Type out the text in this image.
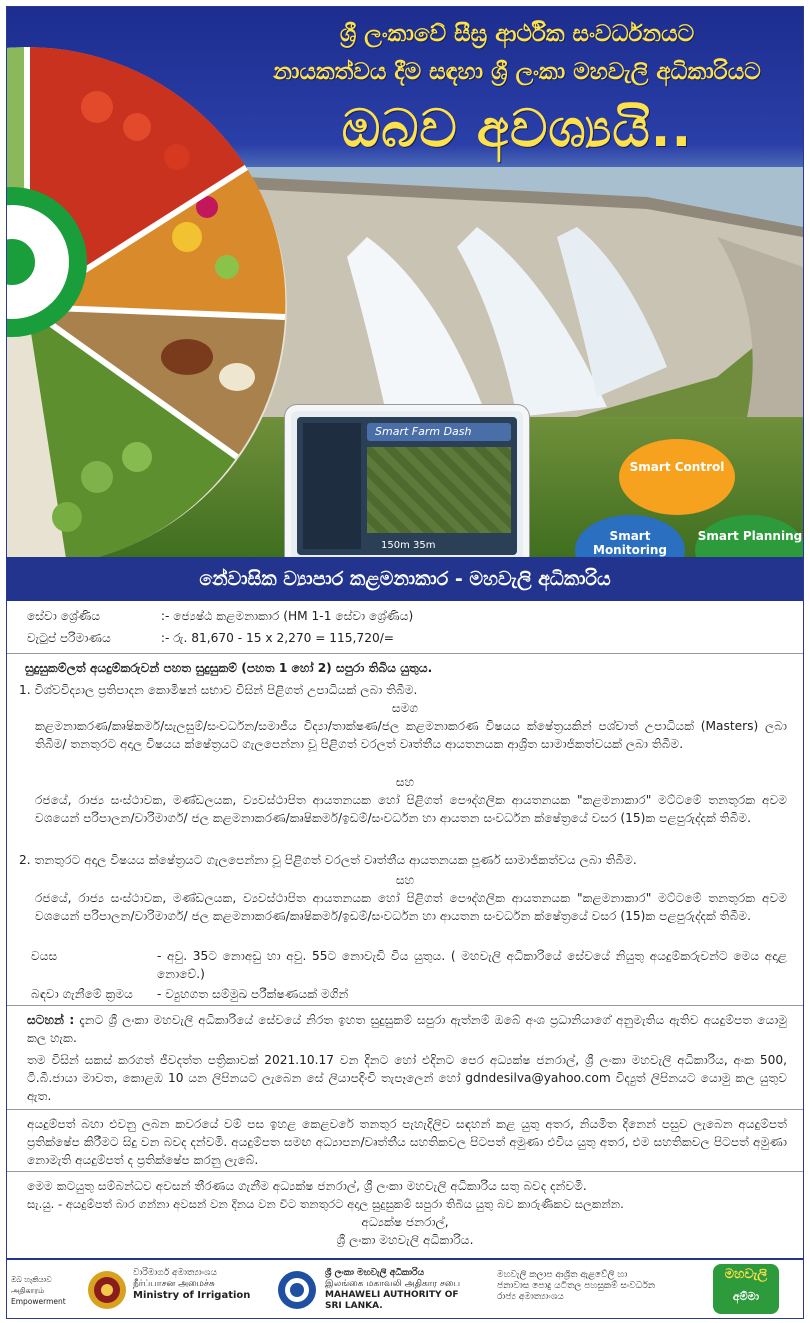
ශ්‍රී ලංකාවේ සීඝ්‍ර ආර්ථික සංවර්ධනයට
නායකත්වය දීම සඳහා ශ්‍රී ලංකා මහවැලි අධිකාරියට
ඔබව අවශ්‍යයි..
Smart Farm Dash
150m 35m
Smart Control
Smart Monitoring
Smart Planning
නේවාසික ව්‍යාපාර කළමනාකාර - මහවැලි අධිකාරිය
සේවා ශ්‍රේණිය	:- ජ්‍යෙෂ්ඨ කළමනාකාර (HM 1-1 සේවා ශ්‍රේණිය)
වැටුප් පරිමාණය	:- රු. 81,670 - 15 x 2,270 = 115,720/=
සුදුසුකම්ලත් අයදුම්කරුවන් පහත සුදුසුකම් (පහත 1 හෝ 2) සපුරා තිබිය යුතුය.
1. විශ්වවිද්‍යාල ප්‍රතිපාදන කොමිෂන් සභාව විසින් පිළිගත් උපාධියක් ලබා තිබීම.
සමග
කළමනාකරණ/කෘෂිකර්ම/සැලසුම්/සංවර්ධන/සමාජීය විද්‍යා/තාක්ෂණ/ජල කළමනාකරණ විෂයය ක්ෂේත්‍රයකින් පශ්චාත් උපාධියක් (Masters) ලබා තිබීම/ තනතුරට අදාල විෂයය ක්ෂේත්‍රයට ගැලපෙන්නා වූ පිළිගත් වරලත් වෘත්තීය ආයතනයක ආශ්‍රිත සාමාජිකත්වයක් ලබා තිබීම.
සහ
රජයේ, රාජ්‍ය සංස්ථාවක, මණ්ඩලයක, ව්‍යවස්ථාපිත ආයතනයක හෝ පිළිගත් පෞද්ගලික ආයතනයක "කළමනාකාර" මට්ටමේ තනතුරක අවම වශයෙන් පරිපාලන/වාරිමාර්ග/ ජල කළමනාකරණ/කෘෂිකර්ම/ඉඩම්/සංවර්ධන හා ආයතන සංවර්ධන ක්ෂේත්‍රයේ වසර (15)ක පළපුරුද්දක් තිබීම.
2. තනතුරට අදාල විෂයය ක්ෂේත්‍රයට ගැලපෙන්නා වූ පිළිගත් වරලත් වෘත්තීය ආයතනයක පූර්ණ සාමාජිකත්වය ලබා තිබීම.
සහ
රජයේ, රාජ්‍ය සංස්ථාවක, මණ්ඩලයක, ව්‍යවස්ථාපිත ආයතනයක හෝ පිළිගත් පෞද්ගලික ආයතනයක "කළමනාකාර" මට්ටමේ තනතුරක අවම වශයෙන් පරිපාලන/වාරිමාර්ග/ ජල කළමනාකරණ/කෘෂිකර්ම/ඉඩම්/සංවර්ධන හා ආයතන සංවර්ධන ක්ෂේත්‍රයේ වසර (15)ක පළපුරුද්දක් තිබීම.
වයස	- අවු. 35ට නොඅඩු හා අවු. 55ට නොවැඩි විය යුතුය. ( මහවැලි අධිකාරියේ සේවයේ නියුතු අයදුම්කරුවන්ට මෙය අදාළ නොවේ.)
බඳවා ගැනීමේ ක්‍රමය	- ව්‍යුහගත සම්මුඛ පරීක්ෂණයක් මගින්
සටහන් : දැනට ශ්‍රී ලංකා මහවැලි අධිකාරියේ සේවයේ නිරත ඉහත සුදුසුකම් සපුරා ඇත්නම් ඔබේ අංශ ප්‍රධානියාගේ අනුමැතිය ඇතිව අයදුම්පත යොමු කල හැක.
තම විසින් සකස් කරගත් ජීවදත්ත පත්‍රිකාවක් 2021.10.17 වන දිනට හෝ එදිනට පෙර අධ්‍යක්ෂ ජනරාල්, ශ්‍රී ලංකා මහවැලි අධිකාරිය, අංක 500, ටී.බී.ජායා මාවත, කොළඹ 10 යන ලිපිනයට ලැබෙන සේ ලියාපදිංචි තැපෑලෙන් හෝ gdndesilva@yahoo.com විද්‍යුත් ලිපිනයට යොමු කල යුතුව ඇත.
අයදුම්පත් බහා එවනු ලබන කවරයේ වම් පස ඉහළ කෙළවරේ තනතුර පැහැදිලිව සඳහන් කළ යුතු අතර, නියමිත දිනෙන් පසුව ලැබෙන අයදුම්පත් ප්‍රතික්ෂේප කිරීමට සිදු වන බවද දන්වමි. අයදුම්පත සමඟ අධ්‍යාපන/වෘත්තීය සහතිකවල පිටපත් අමුණා එවිය යුතු අතර, එම සහතිකවල පිටපත් අමුණා නොමැති අයදුම්පත් ද ප්‍රතික්ෂේප කරනු ලැබේ.
මෙම කටයුතු සම්බන්ධව අවසන් තීරණය ගැනීම අධ්‍යක්ෂ ජනරාල්, ශ්‍රී ලංකා මහවැලි අධිකාරිය සතු බවද දන්වමි.
සැ.යු. - අයදුම්පත් බාර ගන්නා අවසන් වන දිනය වන විට තනතුරට අදාල සුදුසුකම් සපුරා තිබිය යුතු බව කාරුණිකව සලකන්න.
අධ්‍යක්ෂ ජනරාල්,
ශ්‍රී ලංකා මහවැලි අධිකාරිය.
ඔබ හැකියාව
அதிகாரம்
Empowerment
වාරිමාර්ග අමාත්‍යාංශය
நீர்ப்பாசன அமைச்சு
Ministry of Irrigation
ශ්‍රී ලංකා මහවැලි අධිකාරිය
இலங்கை மகாவலி அதிகார சபை
MAHAWELI AUTHORITY OF
SRI LANKA.
මහවැලි කලාප ආශ්‍රිත ඇළවේලි හා
ජනාවාස පොදු යටිතල පහසුකම් සංවර්ධන
රාජ්‍ය අමාත්‍යාංශය
මහවැලි
අම්මා
